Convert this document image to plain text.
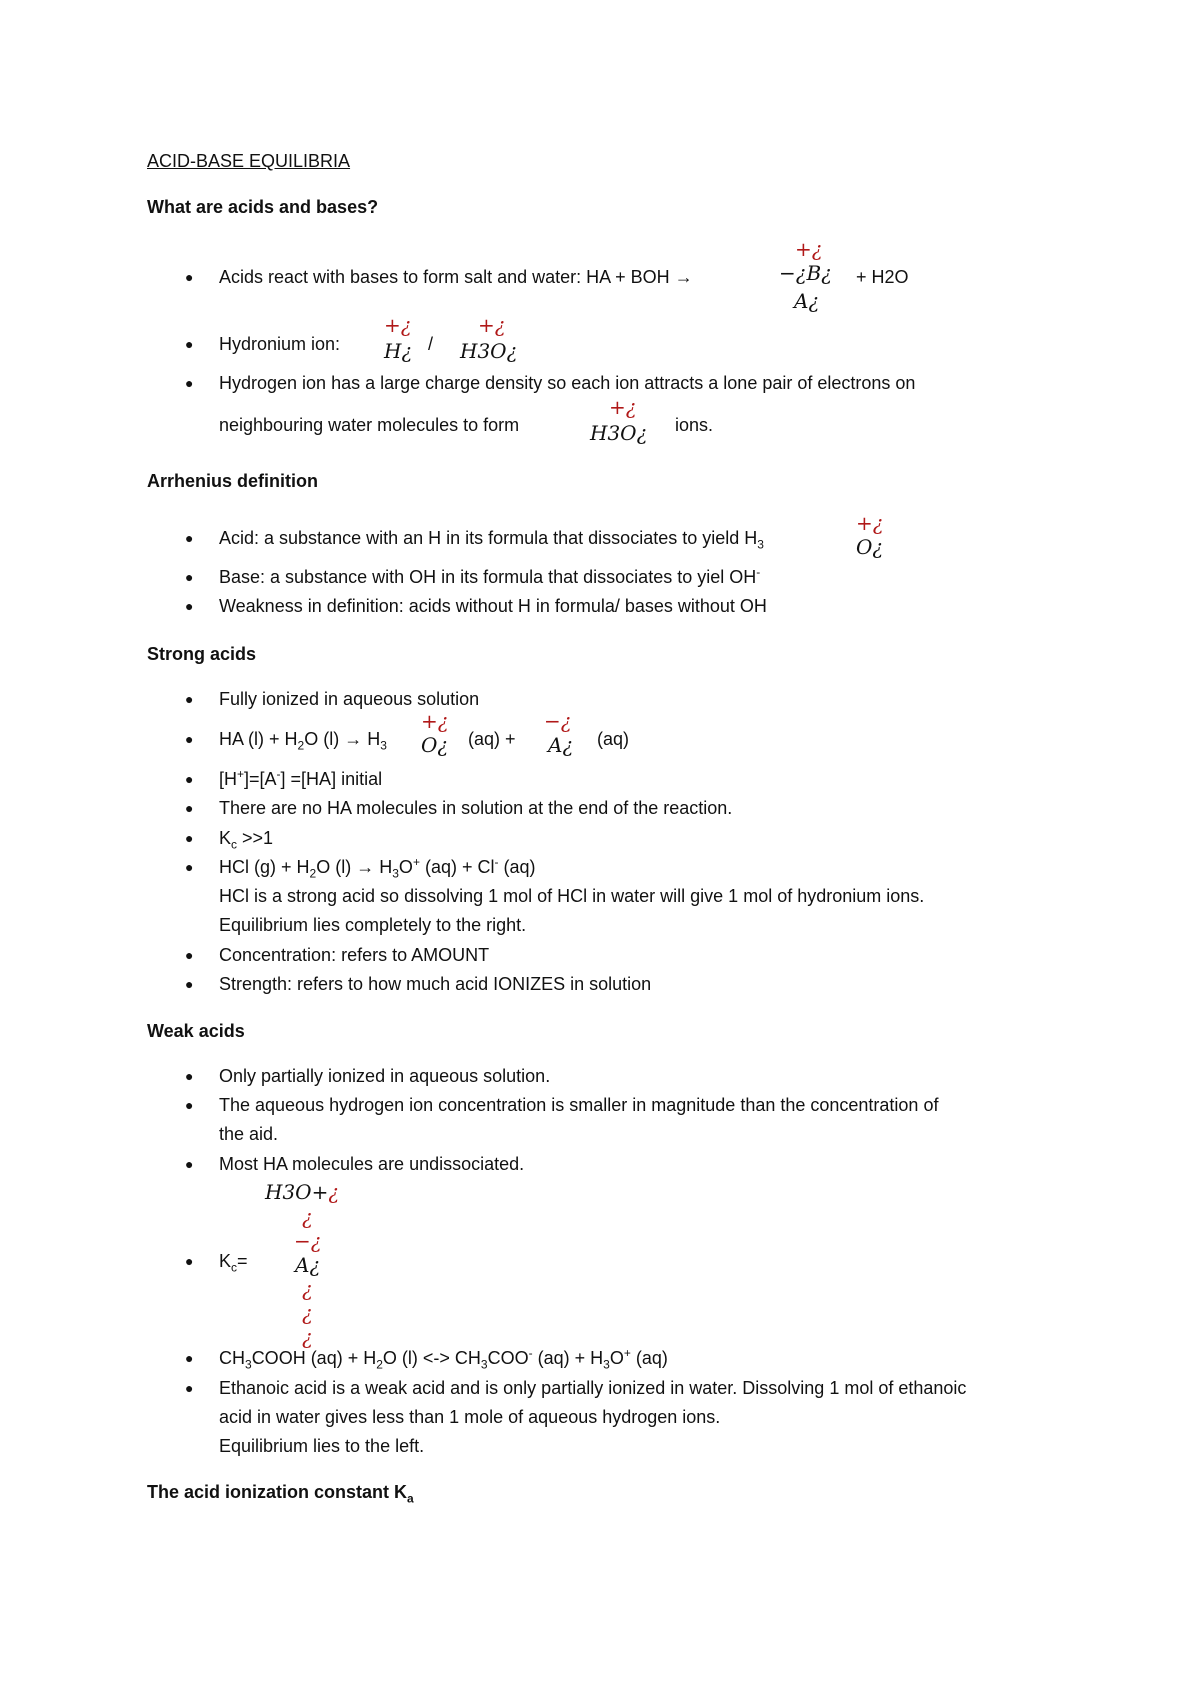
ACID-BASE EQUILIBRIA
What are acids and bases?
● Acids react with bases to form salt and water: HA + BOH →
+¿
−¿B¿
A¿
+ H2O
● Hydronium ion:
+¿
H¿ /
+¿
H3O¿
● Hydrogen ion has a large charge density so each ion attracts a lone pair of electrons on
neighbouring water molecules to form
+¿
H3O¿ ions.
Arrhenius definition
● Acid: a substance with an H in its formula that dissociates to yield $H_3$
+¿
O¿
● Base: a substance with OH in its formula that dissociates to yiel OH-
● Weakness in definition: acids without H in formula/ bases without OH
Strong acids
● Fully ionized in aqueous solution
● HA $(l) + H_2O$ $(l) \to H_3$
+¿
O¿ (aq) +
−¿
A¿ (aq)
● [H+]=[A-] =[HA] initial
● There are no HA molecules in solution at the end of the reaction.
● $K_c >>1$
● HCl $(g) + H_2O$ $(l) \to H_3O^+$ (aq) + Cl- (aq)
HCl is a strong acid so dissolving 1 mol of HCl in water will give 1 mol of hydronium ions.
Equilibrium lies completely to the right.
● Concentration: refers to AMOUNT
● Strength: refers to how much acid IONIZES in solution
Weak acids
● Only partially ionized in aqueous solution.
● The aqueous hydrogen ion concentration is smaller in magnitude than the concentration of
the aid.
● Most HA molecules are undissociated.
H3O+¿
¿
−¿
A¿
¿
¿
¿
● $K_c=$
● $CH_3COOH$ $(aq) + H_2O$ (l) <-> $CH_3COO^-$ $(aq) + H_3O^+$ (aq)
● Ethanoic acid is a weak acid and is only partially ionized in water. Dissolving 1 mol of ethanoic
acid in water gives less than 1 mole of aqueous hydrogen ions.
Equilibrium lies to the left.
The acid ionization constant $K_a$
